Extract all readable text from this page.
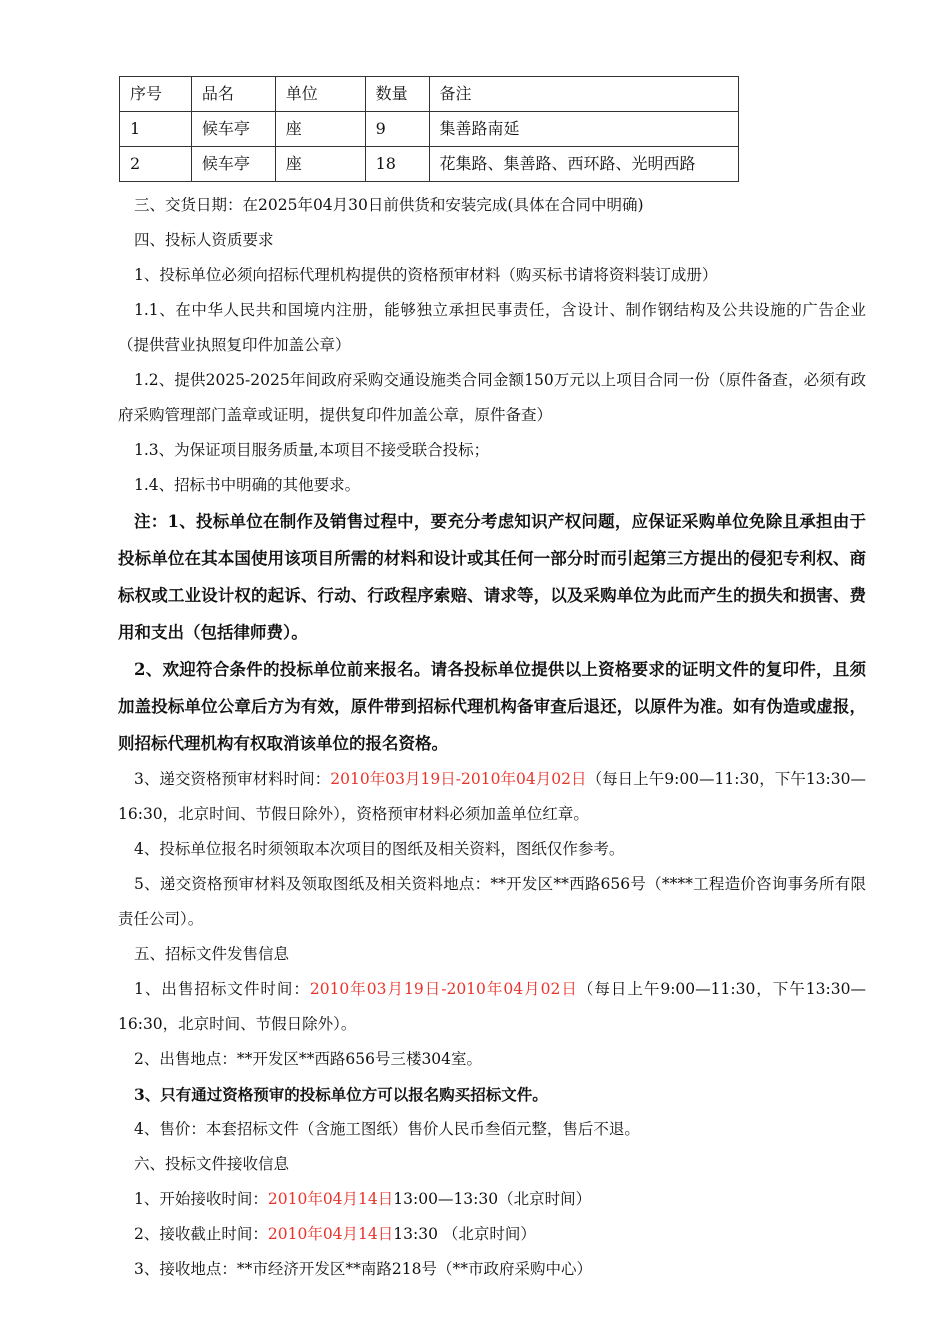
序号	品名	单位	数量	备注
1	候车亭	座	9	集善路南延
2	候车亭	座	18	花集路、集善路、西环路、光明西路

三、交货日期：在2025年04月30日前供货和安装完成(具体在合同中明确)

四、投标人资质要求

1、投标单位必须向招标代理机构提供的资格预审材料（购买标书请将资料装订成册）

1.1、在中华人民共和国境内注册，能够独立承担民事责任，含设计、制作钢结构及公共设施的广告企业（提供营业执照复印件加盖公章）

1.2、提供2025-2025年间政府采购交通设施类合同金额150万元以上项目合同一份（原件备查，必须有政府采购管理部门盖章或证明，提供复印件加盖公章，原件备查）

1.3、为保证项目服务质量,本项目不接受联合投标；

1.4、招标书中明确的其他要求。

注：1、投标单位在制作及销售过程中，要充分考虑知识产权问题，应保证采购单位免除且承担由于投标单位在其本国使用该项目所需的材料和设计或其任何一部分时而引起第三方提出的侵犯专利权、商标权或工业设计权的起诉、行动、行政程序索赔、请求等，以及采购单位为此而产生的损失和损害、费用和支出（包括律师费）。

2、欢迎符合条件的投标单位前来报名。请各投标单位提供以上资格要求的证明文件的复印件，且须加盖投标单位公章后方为有效，原件带到招标代理机构备审查后退还，以原件为准。如有伪造或虚报，则招标代理机构有权取消该单位的报名资格。

3、递交资格预审材料时间：2010年03月19日-2010年04月02日（每日上午9:00—11:30，下午13:30—16:30，北京时间、节假日除外），资格预审材料必须加盖单位红章。

4、投标单位报名时须领取本次项目的图纸及相关资料，图纸仅作参考。

5、递交资格预审材料及领取图纸及相关资料地点：**开发区**西路656号（****工程造价咨询事务所有限责任公司）。

五、招标文件发售信息

1、出售招标文件时间：2010年03月19日-2010年04月02日（每日上午9:00—11:30，下午13:30—16:30，北京时间、节假日除外）。

2、出售地点：**开发区**西路656号三楼304室。

3、只有通过资格预审的投标单位方可以报名购买招标文件。

4、售价：本套招标文件（含施工图纸）售价人民币叁佰元整，售后不退。

六、投标文件接收信息

1、开始接收时间：2010年04月14日13:00—13:30（北京时间）

2、接收截止时间：2010年04月14日13:30 （北京时间）

3、接收地点：**市经济开发区**南路218号（**市政府采购中心）
